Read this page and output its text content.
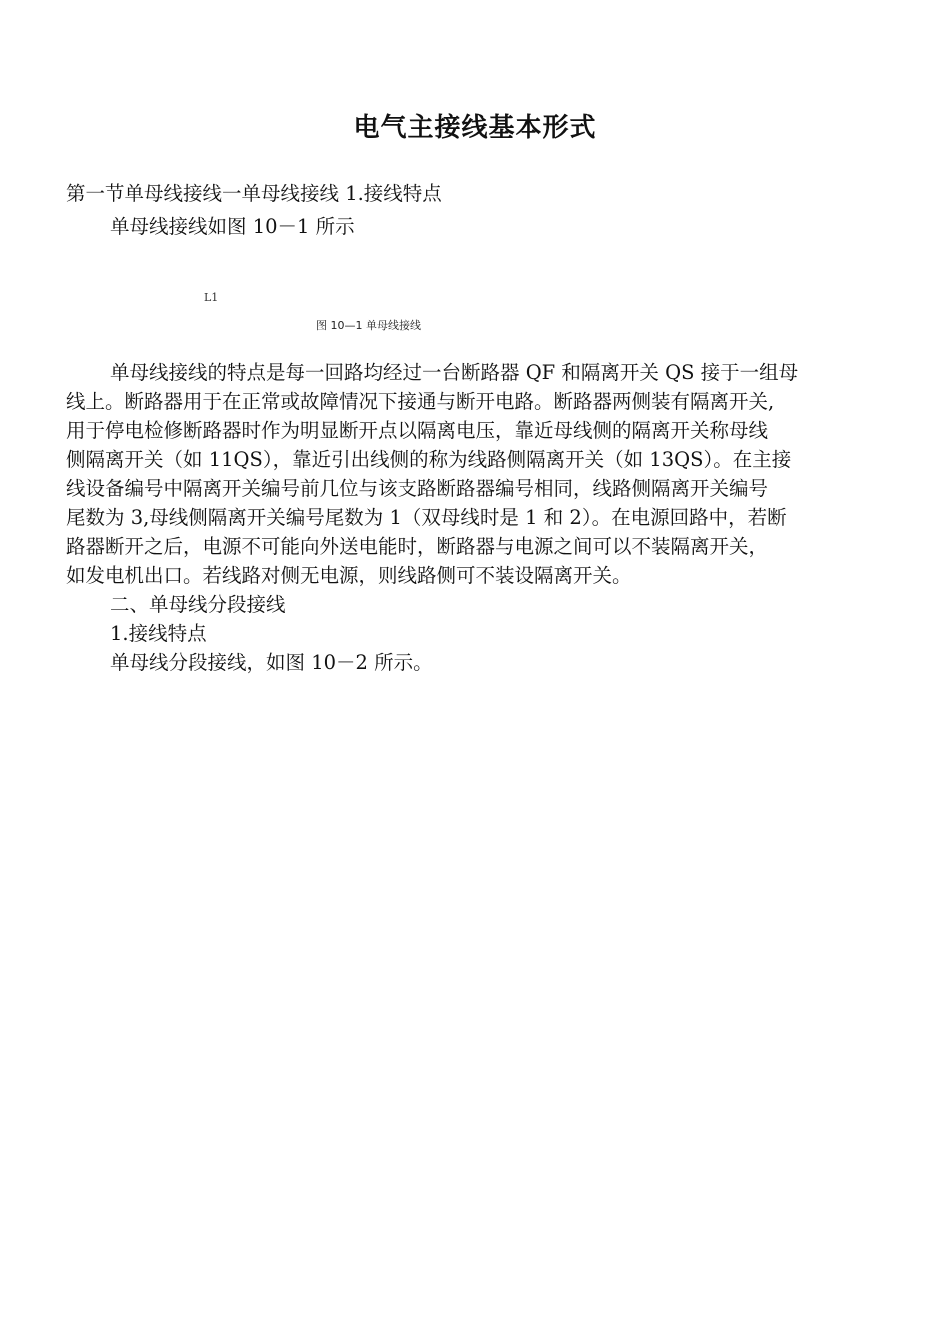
电气主接线基本形式
第一节单母线接线一单母线接线 1.接线特点
单母线接线如图 10－1 所示
L1
图 10—1 单母线接线
单母线接线的特点是每一回路均经过一台断路器 QF 和隔离开关 QS 接于一组母
线上。断路器用于在正常或故障情况下接通与断开电路。断路器两侧装有隔离开关,
用于停电检修断路器时作为明显断开点以隔离电压，靠近母线侧的隔离开关称母线
侧隔离开关（如 11QS），靠近引出线侧的称为线路侧隔离开关（如 13QS）。在主接
线设备编号中隔离开关编号前几位与该支路断路器编号相同，线路侧隔离开关编号
尾数为 3,母线侧隔离开关编号尾数为 1（双母线时是 1 和 2）。在电源回路中，若断
路器断开之后，电源不可能向外送电能时，断路器与电源之间可以不装隔离开关，
如发电机出口。若线路对侧无电源，则线路侧可不装设隔离开关。
二、单母线分段接线
1.接线特点
单母线分段接线，如图 10－2 所示。
